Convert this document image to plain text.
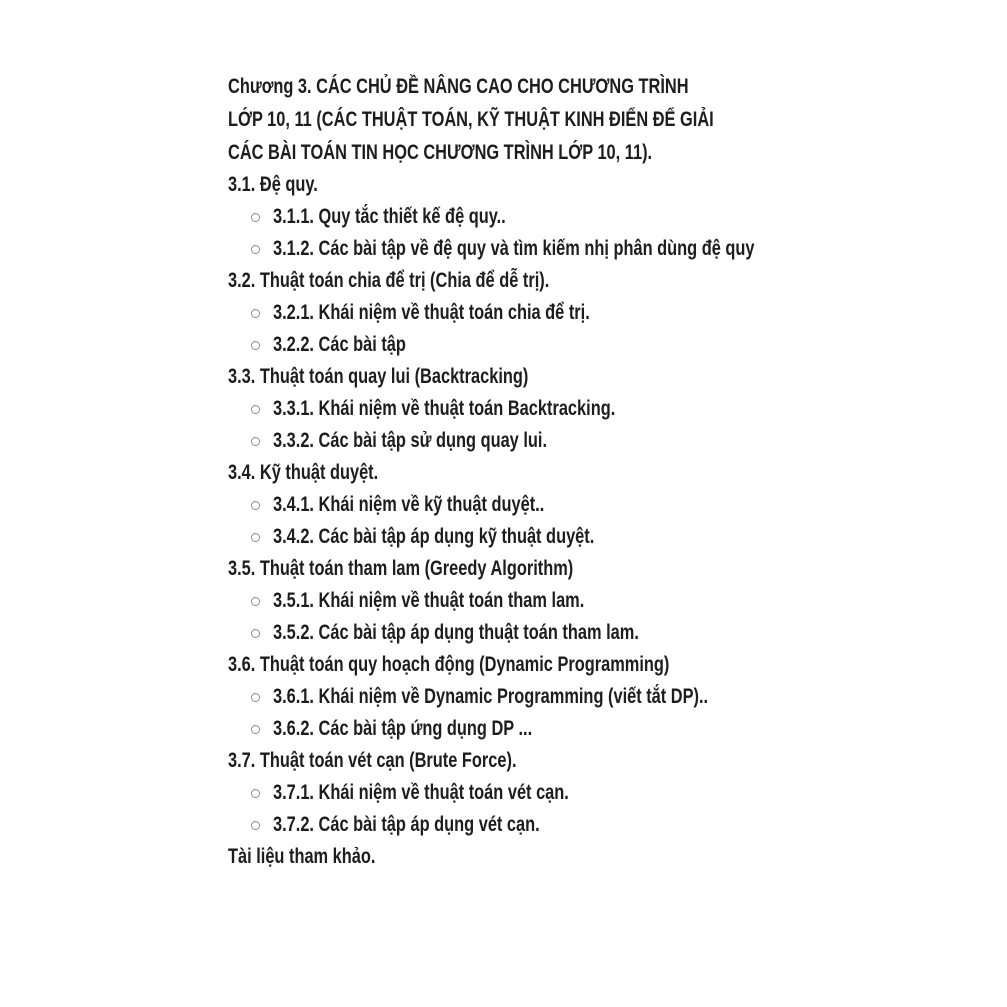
Chương 3. CÁC CHỦ ĐỀ NÂNG CAO CHO CHƯƠNG TRÌNH
LỚP 10, 11 (CÁC THUẬT TOÁN, KỸ THUẬT KINH ĐIỂN ĐỂ GIẢI
CÁC BÀI TOÁN TIN HỌC CHƯƠNG TRÌNH LỚP 10, 11).
3.1. Đệ quy.
3.1.1. Quy tắc thiết kế đệ quy..
3.1.2. Các bài tập về đệ quy và tìm kiếm nhị phân dùng đệ quy
3.2. Thuật toán chia để trị (Chia để dễ trị).
3.2.1. Khái niệm về thuật toán chia để trị.
3.2.2. Các bài tập
3.3. Thuật toán quay lui (Backtracking)
3.3.1. Khái niệm về thuật toán Backtracking.
3.3.2. Các bài tập sử dụng quay lui.
3.4. Kỹ thuật duyệt.
3.4.1. Khái niệm về kỹ thuật duyệt..
3.4.2. Các bài tập áp dụng kỹ thuật duyệt.
3.5. Thuật toán tham lam (Greedy Algorithm)
3.5.1. Khái niệm về thuật toán tham lam.
3.5.2. Các bài tập áp dụng thuật toán tham lam.
3.6. Thuật toán quy hoạch động (Dynamic Programming)
3.6.1. Khái niệm về Dynamic Programming (viết tắt DP)..
3.6.2. Các bài tập ứng dụng DP ...
3.7. Thuật toán vét cạn (Brute Force).
3.7.1. Khái niệm về thuật toán vét cạn.
3.7.2. Các bài tập áp dụng vét cạn.
Tài liệu tham khảo.
